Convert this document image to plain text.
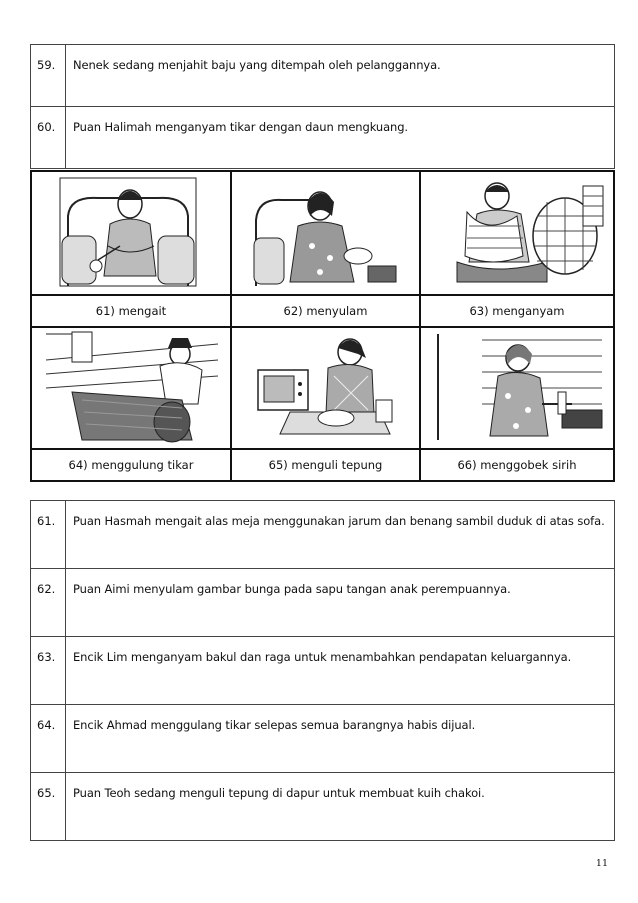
59.	Nenek sedang menjahit baju yang ditempah oleh pelanggannya.
60.	Puan Halimah menganyam tikar dengan daun mengkuang.
61) mengait	62) menyulam	63) menganyam
64) menggulung tikar	65) menguli tepung	66) menggobek sirih
61.	Puan Hasmah mengait alas meja menggunakan jarum dan benang sambil duduk di atas sofa.
62.	Puan Aimi menyulam gambar bunga pada sapu tangan anak perempuannya.
63.	Encik Lim menganyam bakul dan raga untuk menambahkan pendapatan keluargannya.
64.	Encik Ahmad menggulang tikar selepas semua barangnya habis dijual.
65.	Puan Teoh sedang menguli tepung di dapur untuk membuat kuih chakoi.
11
